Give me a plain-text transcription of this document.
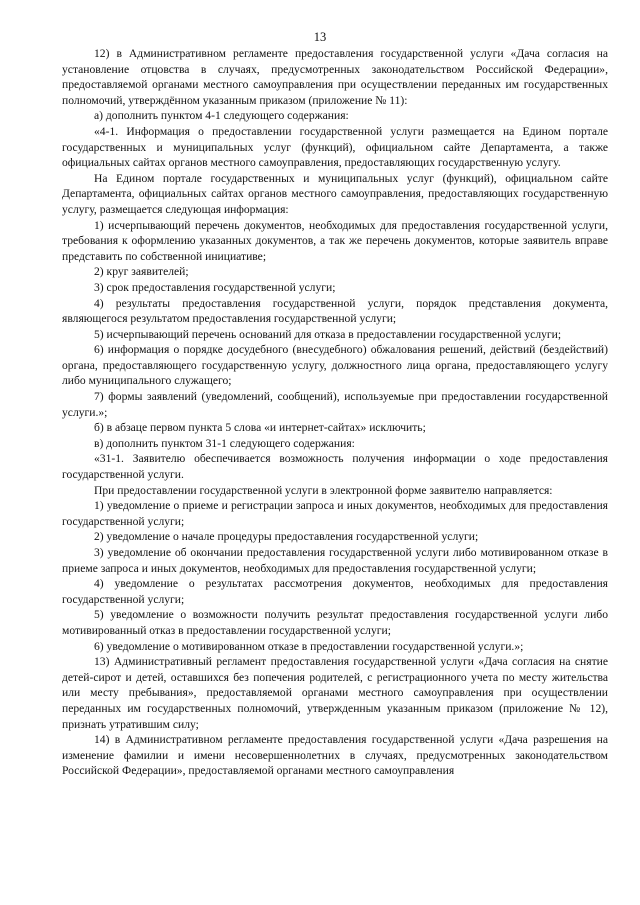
13

12) в Административном регламенте предоставления государственной услуги «Дача согласия на установление отцовства в случаях, предусмотренных законодательством Российской Федерации», предоставляемой органами местного самоуправления при осуществлении переданных им государственных полномочий, утверждённом указанным приказом (приложение № 11):

а) дополнить пунктом 4-1 следующего содержания:

«4-1. Информация о предоставлении государственной услуги размещается на Едином портале государственных и муниципальных услуг (функций), официальном сайте Департамента, а также официальных сайтах органов местного самоуправления, предоставляющих государственную услугу.

На Едином портале государственных и муниципальных услуг (функций), официальном сайте Департамента, официальных сайтах органов местного самоуправления, предоставляющих государственную услугу, размещается следующая информация:

1) исчерпывающий перечень документов, необходимых для предоставления государственной услуги, требования к оформлению указанных документов, а так же перечень документов, которые заявитель вправе представить по собственной инициативе;

2) круг заявителей;

3) срок предоставления государственной услуги;

4) результаты предоставления государственной услуги, порядок представления документа, являющегося результатом предоставления государственной услуги;

5) исчерпывающий перечень оснований для отказа в предоставлении государственной услуги;

6) информация о порядке досудебного (внесудебного) обжалования решений, действий (бездействий) органа, предоставляющего государственную услугу, должностного лица органа, предоставляющего услугу либо муниципального служащего;

7) формы заявлений (уведомлений, сообщений), используемые при предоставлении государственной услуги.»;

б) в абзаце первом пункта 5 слова «и интернет-сайтах» исключить;

в) дополнить пунктом 31-1 следующего содержания:

«31-1. Заявителю обеспечивается возможность получения информации о ходе предоставления государственной услуги.

При предоставлении государственной услуги в электронной форме заявителю направляется:

1) уведомление о приеме и регистрации запроса и иных документов, необходимых для предоставления государственной услуги;

2) уведомление о начале процедуры предоставления государственной услуги;

3) уведомление об окончании предоставления государственной услуги либо мотивированном отказе в приеме запроса и иных документов, необходимых для предоставления государственной услуги;

4) уведомление о результатах рассмотрения документов, необходимых для предоставления государственной услуги;

5) уведомление о возможности получить результат предоставления государственной услуги либо мотивированный отказ в предоставлении государственной услуги;

6) уведомление о мотивированном отказе в предоставлении государственной услуги.»;

13) Административный регламент предоставления государственной услуги «Дача согласия на снятие детей-сирот и детей, оставшихся без попечения родителей, с регистрационного учета по месту жительства или месту пребывания», предоставляемой органами местного самоуправления при осуществлении переданных им государственных полномочий, утвержденным указанным приказом (приложение № 12), признать утратившим силу;

14) в Административном регламенте предоставления государственной услуги «Дача разрешения на изменение фамилии и имени несовершеннолетних в случаях, предусмотренных законодательством Российской Федерации», предоставляемой органами местного самоуправления
